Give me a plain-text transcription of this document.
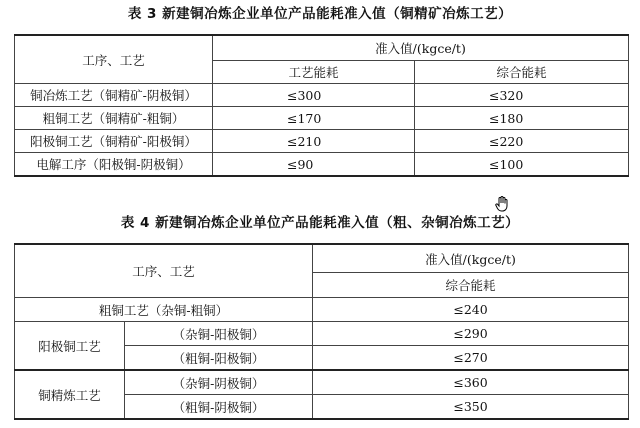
表 3 新建铜冶炼企业单位产品能耗准入值（铜精矿冶炼工艺）
工序、工艺	准入值/(kgce/t)	
	工艺能耗	综合能耗
铜冶炼工艺（铜精矿-阴极铜）	≤300	≤320
粗铜工艺（铜精矿-粗铜）	≤170	≤180
阳极铜工艺（铜精矿-阳极铜）	≤210	≤220
电解工序（阳极铜-阴极铜）	≤90	≤100
表 4 新建铜冶炼企业单位产品能耗准入值（粗、杂铜冶炼工艺）
工序、工艺		准入值/(kgce/t)
		综合能耗
粗铜工艺（杂铜-粗铜）		≤240
阳极铜工艺	（杂铜-阳极铜）	≤290
	（粗铜-阳极铜）	≤270
铜精炼工艺	（杂铜-阴极铜）	≤360
	（粗铜-阴极铜）	≤350
